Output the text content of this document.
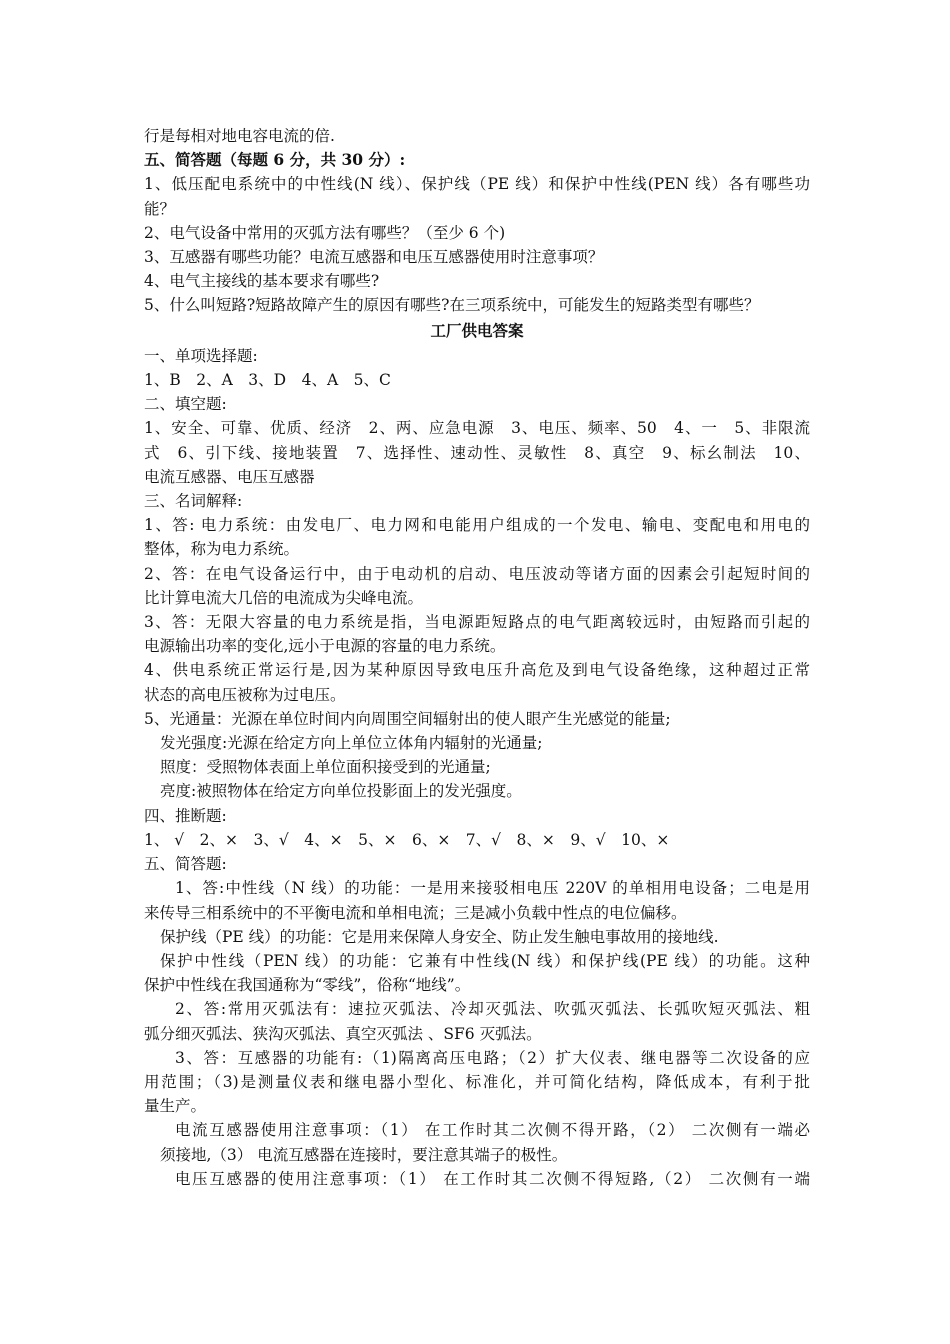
行是每相对地电容电流的倍.
五、简答题（每题 6 分，共 30 分）:
1、低压配电系统中的中性线(N 线）、保护线（PE 线）和保护中性线(PEN 线）各有哪些功
能？
2、电气设备中常用的灭弧方法有哪些？（至少 6 个)
3、互感器有哪些功能？电流互感器和电压互感器使用时注意事项？
4、电气主接线的基本要求有哪些?
5、什么叫短路?短路故障产生的原因有哪些?在三项系统中，可能发生的短路类型有哪些？
工厂供电答案
一、单项选择题:
1、B　2、A　3、D　4、A　5、C
二、填空题:
1、安全、可靠、优质、经济　2、两、应急电源　3、电压、频率、50　4、一　5、非限流
式　6、引下线、接地装置　7、选择性、速动性、灵敏性　8、真空　9、标幺制法　10、
电流互感器、电压互感器
三、名词解释:
1、答: 电力系统：由发电厂、电力网和电能用户组成的一个发电、输电、变配电和用电的
整体，称为电力系统。
2、答：在电气设备运行中，由于电动机的启动、电压波动等诸方面的因素会引起短时间的
比计算电流大几倍的电流成为尖峰电流。
3、答：无限大容量的电力系统是指，当电源距短路点的电气距离较远时，由短路而引起的
电源输出功率的变化,远小于电源的容量的电力系统。
4、供电系统正常运行是,因为某种原因导致电压升高危及到电气设备绝缘，这种超过正常
状态的高电压被称为过电压。
5、光通量：光源在单位时间内向周围空间辐射出的使人眼产生光感觉的能量;
发光强度:光源在给定方向上单位立体角内辐射的光通量;
照度：受照物体表面上单位面积接受到的光通量;
亮度:被照物体在给定方向单位投影面上的发光强度。
四、推断题:
1、 √　2、×　3、√　4、×　5、×　6、×　7、√　8、×　9、√　10、×
五、简答题:
1、答:中性线（N 线）的功能：一是用来接驳相电压 220V 的单相用电设备；二电是用
来传导三相系统中的不平衡电流和单相电流；三是减小负载中性点的电位偏移。
保护线（PE 线）的功能：它是用来保障人身安全、防止发生触电事故用的接地线.
保护中性线（PEN 线）的功能：它兼有中性线(N 线）和保护线(PE 线）的功能。这种
保护中性线在我国通称为“零线”，俗称“地线”。
2、答:常用灭弧法有：速拉灭弧法、冷却灭弧法、吹弧灭弧法、长弧吹短灭弧法、粗
弧分细灭弧法、狭沟灭弧法、真空灭弧法 、SF6 灭弧法。
3、答：互感器的功能有:（1)隔离高压电路；（2）扩大仪表、继电器等二次设备的应
用范围；（3)是测量仪表和继电器小型化、标准化，并可简化结构，降低成本，有利于批
量生产。
电流互感器使用注意事项：（1） 在工作时其二次侧不得开路，（2） 二次侧有一端必
须接地,（3） 电流互感器在连接时，要注意其端子的极性。
电压互感器的使用注意事项：（1） 在工作时其二次侧不得短路,（2） 二次侧有一端
